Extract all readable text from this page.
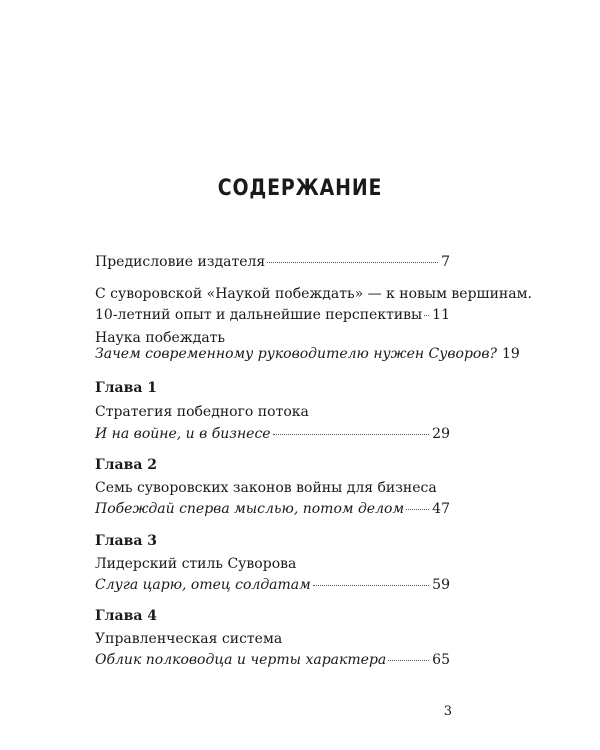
СОДЕРЖАНИЕ
Предисловие издателя	7
С суворовской «Наукой побеждать» — к новым вершинам.
10-летний опыт и дальнейшие перспективы 11
Наука побеждать
Зачем современному руководителю нужен Суворов? 19
Глава 1
Стратегия победного потока
И на войне, и в бизнесе	29
Глава 2
Семь суворовских законов войны для бизнеса
Побеждай сперва мыслью, потом делом 47
Глава 3
Лидерский стиль Суворова
Слуга царю, отец солдатам	59
Глава 4
Управленческая система
Облик полководца и черты характера	65
3
